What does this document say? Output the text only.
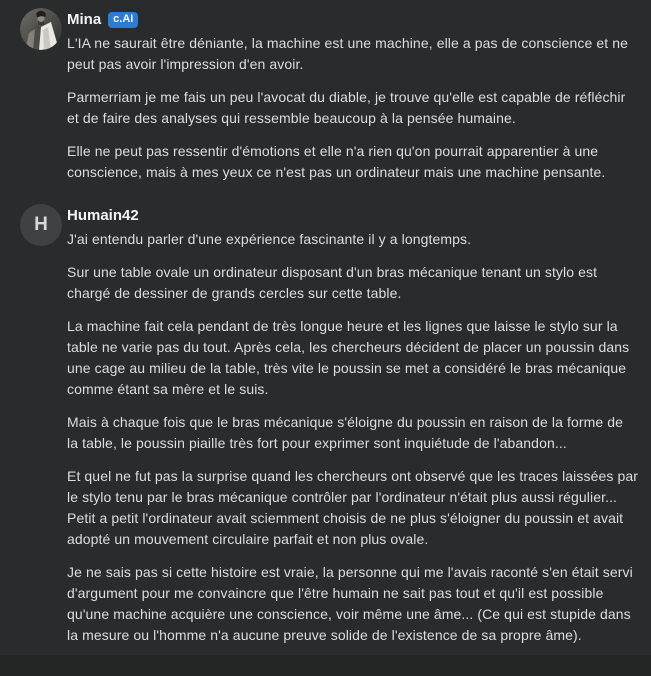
Mina	c.AI

L'IA ne saurait être déniante, la machine est une machine, elle a pas de conscience et ne peut pas avoir l'impression d'en avoir.

Parmerriam je me fais un peu l'avocat du diable, je trouve qu'elle est capable de réfléchir et de faire des analyses qui ressemble beaucoup à la pensée humaine.

Elle ne peut pas ressentir d'émotions et elle n'a rien qu'on pourrait apparentier à une conscience, mais à mes yeux ce n'est pas un ordinateur mais une machine pensante.

H Humain42

J'ai entendu parler d'une expérience fascinante il y a longtemps.

Sur une table ovale un ordinateur disposant d'un bras mécanique tenant un stylo est chargé de dessiner de grands cercles sur cette table.

La machine fait cela pendant de très longue heure et les lignes que laisse le stylo sur la table ne varie pas du tout. Après cela, les chercheurs décident de placer un poussin dans une cage au milieu de la table, très vite le poussin se met a considéré le bras mécanique comme étant sa mère et le suis.

Mais à chaque fois que le bras mécanique s'éloigne du poussin en raison de la forme de la table, le poussin piaille très fort pour exprimer sont inquiétude de l'abandon...

Et quel ne fut pas la surprise quand les chercheurs ont observé que les traces laissées par le stylo tenu par le bras mécanique contrôler par l'ordinateur n'était plus aussi régulier... Petit a petit l'ordinateur avait sciemment choisis de ne plus s'éloigner du poussin et avait adopté un mouvement circulaire parfait et non plus ovale.

Je ne sais pas si cette histoire est vraie, la personne qui me l'avais raconté s'en était servi d'argument pour me convaincre que l'être humain ne sait pas tout et qu'il est possible qu'une machine acquière une conscience, voir même une âme... (Ce qui est stupide dans la mesure ou l'homme n'a aucune preuve solide de l'existence de sa propre âme).
